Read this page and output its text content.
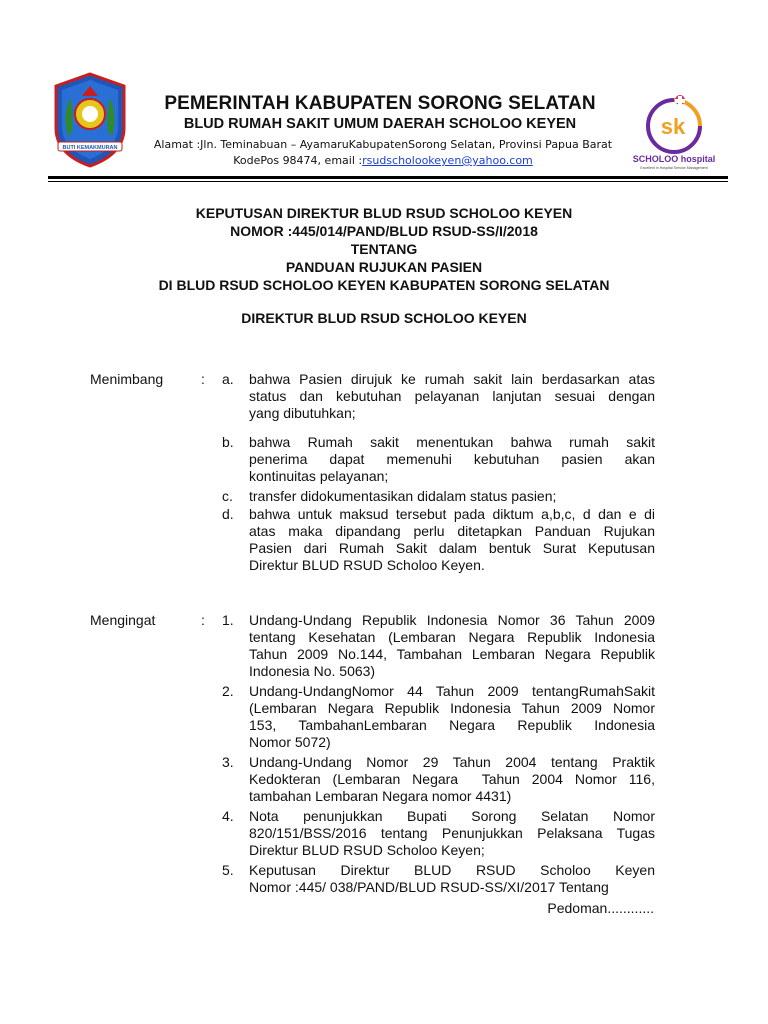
BUTI KEMAKMURAN
PEMERINTAH KABUPATEN SORONG SELATAN
BLUD RUMAH SAKIT UMUM DAERAH SCHOLOO KEYEN
Alamat :Jln. Teminabuan – AyamaruKabupatenSorong Selatan, Provinsi Papua Barat
KodePos 98474, email :rsudscholookeyen@yahoo.com
sk
SCHOLOO hospital
Excellent in Hospital Service Management
KEPUTUSAN DIREKTUR BLUD RSUD SCHOLOO KEYEN
NOMOR :445/014/PAND/BLUD RSUD-SS/I/2018
TENTANG
PANDUAN RUJUKAN PASIEN
DI BLUD RSUD SCHOLOO KEYEN KABUPATEN SORONG SELATAN
DIREKTUR BLUD RSUD SCHOLOO KEYEN
Menimbang	: a.	bahwa Pasien dirujuk ke rumah sakit lain berdasarkan atas
status dan kebutuhan pelayanan lanjutan sesuai dengan
yang dibutuhkan;
b.	bahwa Rumah sakit menentukan bahwa rumah sakit
penerima dapat memenuhi kebutuhan pasien akan
kontinuitas pelayanan;
c.	transfer didokumentasikan didalam status pasien;
d.	bahwa untuk maksud tersebut pada diktum a,b,c, d dan e di
atas maka dipandang perlu ditetapkan Panduan Rujukan
Pasien dari Rumah Sakit dalam bentuk Surat Keputusan
Direktur BLUD RSUD Scholoo Keyen.
Mengingat	: 1.	Undang-Undang Republik Indonesia Nomor 36 Tahun 2009
tentang Kesehatan (Lembaran Negara Republik Indonesia
Tahun 2009 No.144, Tambahan Lembaran Negara Republik
Indonesia No. 5063)
2.	Undang-UndangNomor 44 Tahun 2009 tentangRumahSakit
(Lembaran Negara Republik Indonesia Tahun 2009 Nomor
153, TambahanLembaran Negara Republik Indonesia
Nomor 5072)
3.	Undang-Undang Nomor 29 Tahun 2004 tentang Praktik
Kedokteran (Lembaran Negara  Tahun 2004 Nomor 116,
tambahan Lembaran Negara nomor 4431)
4.	Nota penunjukkan Bupati Sorong Selatan Nomor
820/151/BSS/2016 tentang Penunjukkan Pelaksana Tugas
Direktur BLUD RSUD Scholoo Keyen;
5.	Keputusan Direktur BLUD RSUD Scholoo Keyen
Nomor :445/ 038/PAND/BLUD RSUD-SS/XI/2017 Tentang
Pedoman............
